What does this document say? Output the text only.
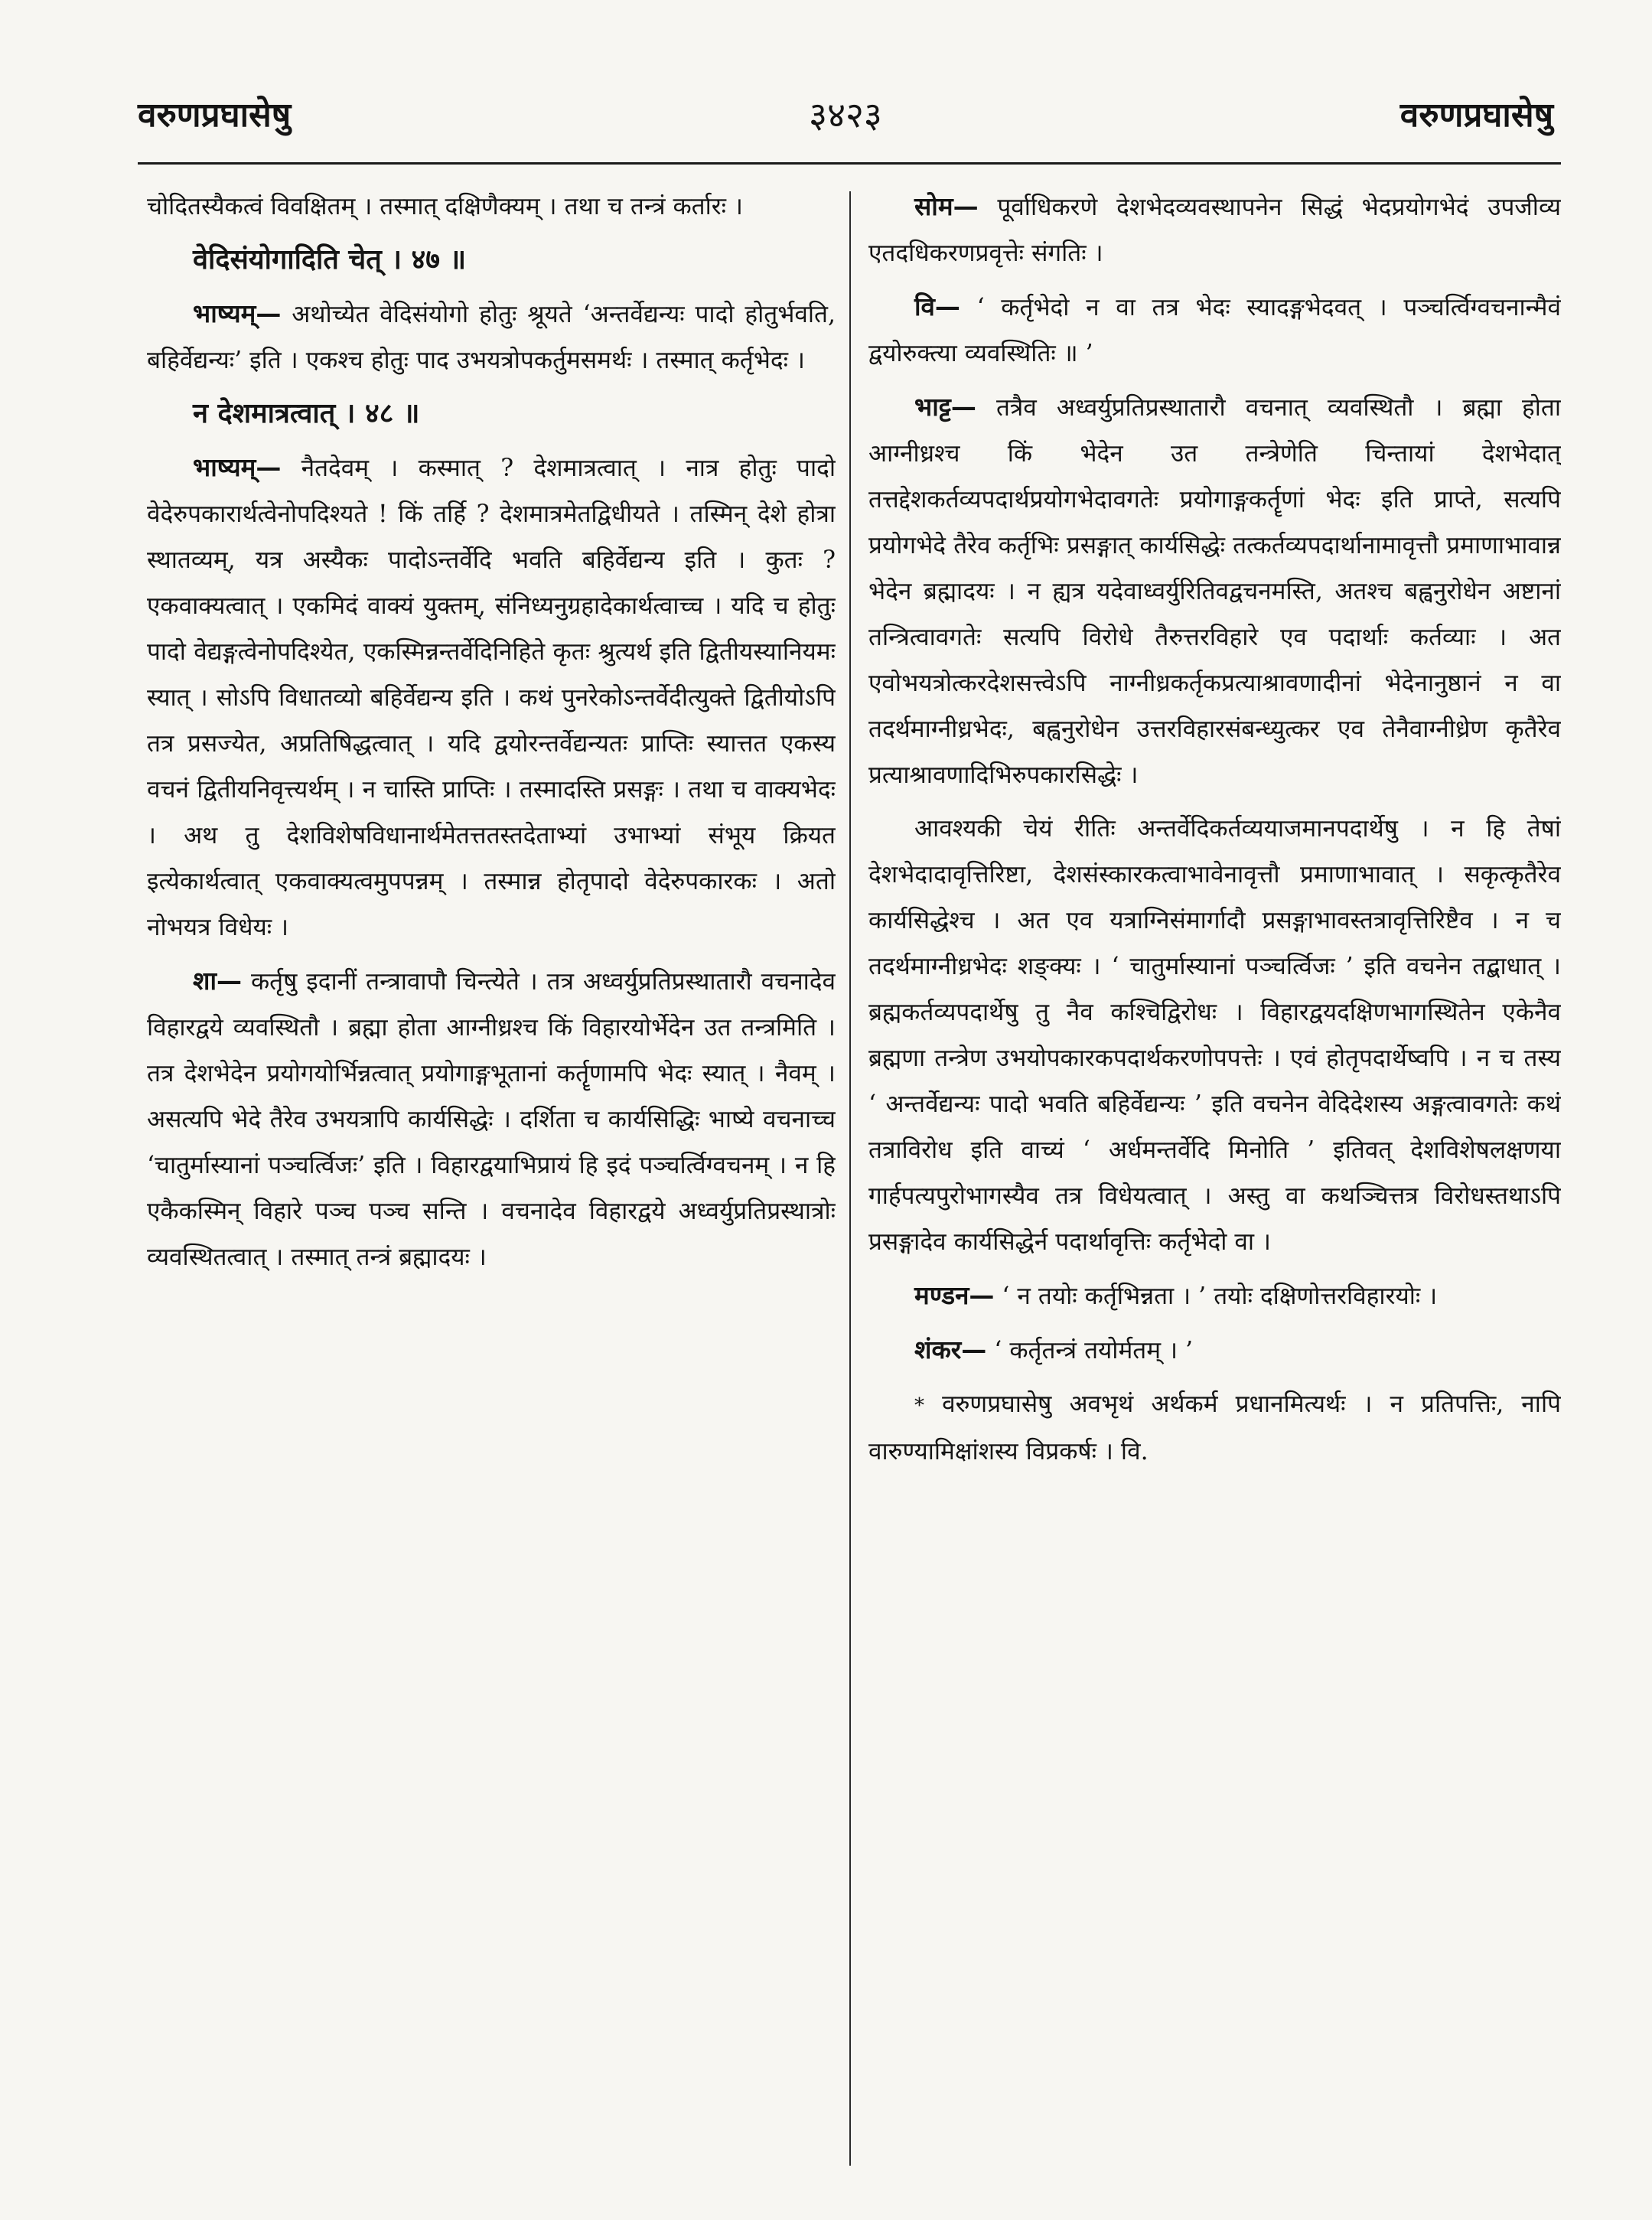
वरुणप्रघासेषु	३४२३	वरुणप्रघासेषु

चोदितस्यैकत्वं विवक्षितम् । तस्मात् दक्षिणैक्यम् । तथा च तन्त्रं कर्तारः ।

वेदिसंयोगादिति चेत् । ४७ ॥

भाष्यम्— अथोच्येत वेदिसंयोगो होतुः श्रूयते ‘अन्तर्वेद्यन्यः पादो होतुर्भवति, बहिर्वेद्यन्यः’ इति । एकश्च होतुः पाद उभयत्रोपकर्तुमसमर्थः । तस्मात् कर्तृभेदः ।

न देशमात्रत्वात् । ४८ ॥

भाष्यम्— नैतदेवम् । कस्मात् ? देशमात्रत्वात् । नात्र होतुः पादो वेदेरुपकारार्थत्वेनोपदिश्यते ! किं तर्हि ? देशमात्रमेतद्विधीयते । तस्मिन् देशे होत्रा स्थातव्यम्, यत्र अस्यैकः पादोऽन्तर्वेदि भवति बहिर्वेद्यन्य इति । कुतः ? एकवाक्यत्वात् । एकमिदं वाक्यं युक्तम्, संनिध्यनुग्रहादेकार्थत्वाच्च । यदि च होतुः पादो वेद्यङ्गत्वेनोपदिश्येत, एकस्मिन्नन्तर्वेदिनिहिते कृतः श्रुत्यर्थ इति द्वितीयस्यानियमः स्यात् । सोऽपि विधातव्यो बहिर्वेद्यन्य इति । कथं पुनरेकोऽन्तर्वेदीत्युक्ते द्वितीयोऽपि तत्र प्रसज्येत, अप्रतिषिद्धत्वात् । यदि द्वयोरन्तर्वेद्यन्यतः प्राप्तिः स्यात्तत एकस्य वचनं द्वितीयनिवृत्त्यर्थम् । न चास्ति प्राप्तिः । तस्मादस्ति प्रसङ्गः । तथा च वाक्यभेदः । अथ तु देशविशेषविधानार्थमेतत्ततस्तदेताभ्यां उभाभ्यां संभूय क्रियत इत्येकार्थत्वात् एकवाक्यत्वमुपपन्नम् । तस्मान्न होतृपादो वेदेरुपकारकः । अतो नोभयत्र विधेयः ।

शा— कर्तृषु इदानीं तन्त्रावापौ चिन्त्येते । तत्र अध्वर्युप्रतिप्रस्थातारौ वचनादेव विहारद्वये व्यवस्थितौ । ब्रह्मा होता आग्नीध्रश्च किं विहारयोर्भेदेन उत तन्त्रमिति । तत्र देशभेदेन प्रयोगयोर्भिन्नत्वात् प्रयोगाङ्गभूतानां कर्तॄणामपि भेदः स्यात् । नैवम् । असत्यपि भेदे तैरेव उभयत्रापि कार्यसिद्धेः । दर्शिता च कार्यसिद्धिः भाष्ये वचनाच्च ‘चातुर्मास्यानां पञ्चर्त्विजः’ इति । विहारद्वयाभिप्रायं हि इदं पञ्चर्त्विग्वचनम् । न हि एकैकस्मिन् विहारे पञ्च पञ्च सन्ति । वचनादेव विहारद्वये अध्वर्युप्रतिप्रस्थात्रोः व्यवस्थितत्वात् । तस्मात् तन्त्रं ब्रह्मादयः ।

सोम— पूर्वाधिकरणे देशभेदव्यवस्थापनेन सिद्धं भेदप्रयोगभेदं उपजीव्य एतदधिकरणप्रवृत्तेः संगतिः ।

वि— ‘ कर्तृभेदो न वा तत्र भेदः स्यादङ्गभेदवत् । पञ्चर्त्विग्वचनान्मैवं द्वयोरुक्त्या व्यवस्थितिः ॥ ’

भाट्ट— तत्रैव अध्वर्युप्रतिप्रस्थातारौ वचनात् व्यवस्थितौ । ब्रह्मा होता आग्नीध्रश्च किं भेदेन उत तन्त्रेणेति चिन्तायां देशभेदात् तत्तद्देशकर्तव्यपदार्थप्रयोगभेदावगतेः प्रयोगाङ्गकर्तॄणां भेदः इति प्राप्ते, सत्यपि प्रयोगभेदे तैरेव कर्तृभिः प्रसङ्गात् कार्यसिद्धेः तत्कर्तव्यपदार्थानामावृत्तौ प्रमाणाभावान्न भेदेन ब्रह्मादयः । न ह्यत्र यदेवाध्वर्युरितिवद्वचनमस्ति, अतश्च बह्वनुरोधेन अष्टानां तन्त्रित्वावगतेः सत्यपि विरोधे तैरुत्तरविहारे एव पदार्थाः कर्तव्याः । अत एवोभयत्रोत्करदेशसत्त्वेऽपि नाग्नीध्रकर्तृकप्रत्याश्रावणादीनां भेदेनानुष्ठानं न वा तदर्थमाग्नीध्रभेदः, बह्वनुरोधेन उत्तरविहारसंबन्ध्युत्कर एव तेनैवाग्नीध्रेण कृतैरेव प्रत्याश्रावणादिभिरुपकारसिद्धेः ।

आवश्यकी चेयं रीतिः अन्तर्वेदिकर्तव्ययाजमानपदार्थेषु । न हि तेषां देशभेदादावृत्तिरिष्टा, देशसंस्कारकत्वाभावेनावृत्तौ प्रमाणाभावात् । सकृत्कृतैरेव कार्यसिद्धेश्च । अत एव यत्राग्निसंमार्गादौ प्रसङ्गाभावस्तत्रावृत्तिरिष्टैव । न च तदर्थमाग्नीध्रभेदः शङ्क्यः । ‘ चातुर्मास्यानां पञ्चर्त्विजः ’ इति वचनेन तद्बाधात् । ब्रह्मकर्तव्यपदार्थेषु तु नैव कश्चिद्विरोधः । विहारद्वयदक्षिणभागस्थितेन एकेनैव ब्रह्मणा तन्त्रेण उभयोपकारकपदार्थकरणोपपत्तेः । एवं होतृपदार्थेष्वपि । न च तस्य ‘ अन्तर्वेद्यन्यः पादो भवति बहिर्वेद्यन्यः ’ इति वचनेन वेदिदेशस्य अङ्गत्वावगतेः कथं तत्राविरोध इति वाच्यं ‘ अर्धमन्तर्वेदि मिनोति ’ इतिवत् देशविशेषलक्षणया गार्हपत्यपुरोभागस्यैव तत्र विधेयत्वात् । अस्तु वा कथञ्चित्तत्र विरोधस्तथाऽपि प्रसङ्गादेव कार्यसिद्धेर्न पदार्थावृत्तिः कर्तृभेदो वा ।

मण्डन— ‘ न तयोः कर्तृभिन्नता । ’ तयोः दक्षिणोत्तरविहारयोः ।

शंकर— ‘ कर्तृतन्त्रं तयोर्मतम् । ’

* वरुणप्रघासेषु अवभृथं अर्थकर्म प्रधानमित्यर्थः । न प्रतिपत्तिः, नापि वारुण्यामिक्षांशस्य विप्रकर्षः । वि.
